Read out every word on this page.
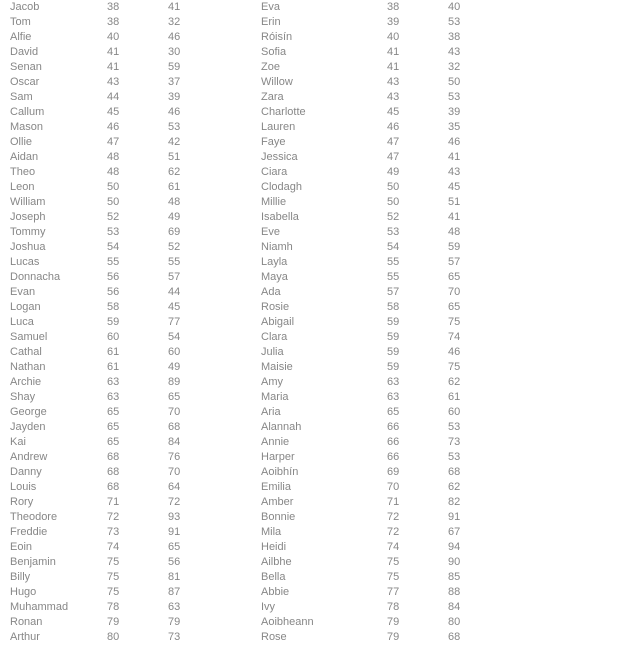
Jacob	38	41	Eva	38	40
Tom	38	32	Erin	39	53
Alfie	40	46	Róisín	40	38
David	41	30	Sofia	41	43
Senan	41	59	Zoe	41	32
Oscar	43	37	Willow	43	50
Sam	44	39	Zara	43	53
Callum	45	46	Charlotte	45	39
Mason	46	53	Lauren	46	35
Ollie	47	42	Faye	47	46
Aidan	48	51	Jessica	47	41
Theo	48	62	Ciara	49	43
Leon	50	61	Clodagh	50	45
William	50	48	Millie	50	51
Joseph	52	49	Isabella	52	41
Tommy	53	69	Eve	53	48
Joshua	54	52	Niamh	54	59
Lucas	55	55	Layla	55	57
Donnacha	56	57	Maya	55	65
Evan	56	44	Ada	57	70
Logan	58	45	Rosie	58	65
Luca	59	77	Abigail	59	75
Samuel	60	54	Clara	59	74
Cathal	61	60	Julia	59	46
Nathan	61	49	Maisie	59	75
Archie	63	89	Amy	63	62
Shay	63	65	Maria	63	61
George	65	70	Aria	65	60
Jayden	65	68	Alannah	66	53
Kai	65	84	Annie	66	73
Andrew	68	76	Harper	66	53
Danny	68	70	Aoibhín	69	68
Louis	68	64	Emilia	70	62
Rory	71	72	Amber	71	82
Theodore	72	93	Bonnie	72	91
Freddie	73	91	Mila	72	67
Eoin	74	65	Heidi	74	94
Benjamin	75	56	Ailbhe	75	90
Billy	75	81	Bella	75	85
Hugo	75	87	Abbie	77	88
Muhammad	78	63	Ivy	78	84
Ronan	79	79	Aoibheann	79	80
Arthur	80	73	Rose	79	68
